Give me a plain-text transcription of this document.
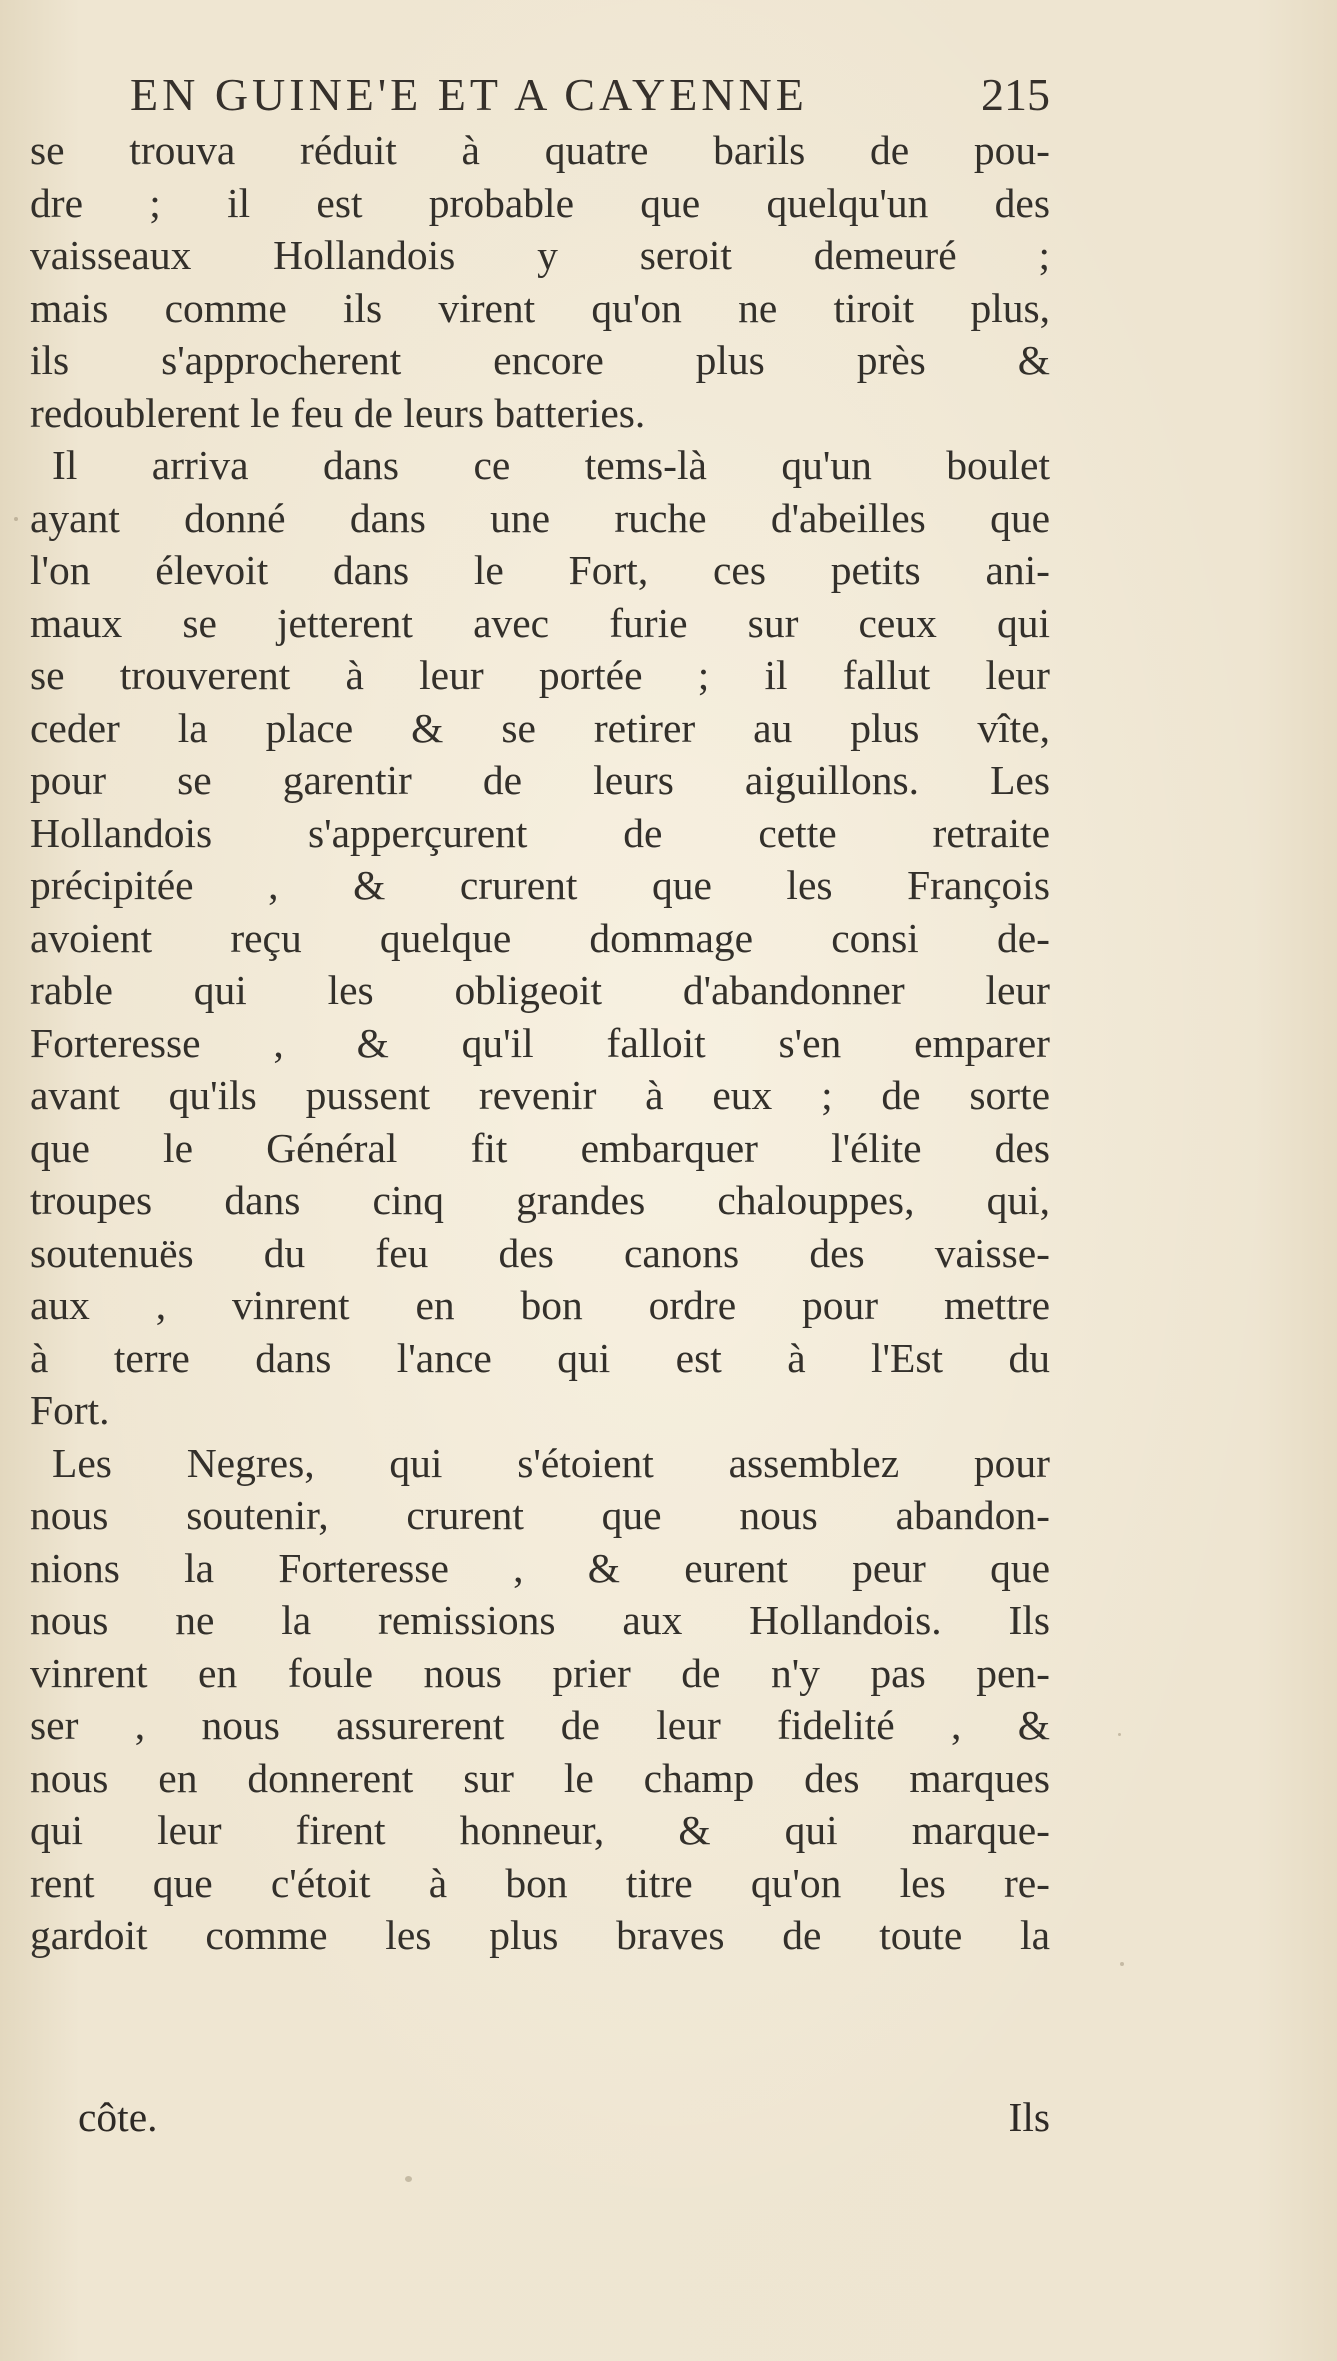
EN GUINE'E ET A CAYENNE	215
se trouva réduit à quatre barils de pou-
dre ; il est probable que quelqu'un des
vaisseaux Hollandois y seroit demeuré ;
mais comme ils virent qu'on ne tiroit plus,
ils s'approcherent encore plus près &
redoublerent le feu de leurs batteries.
Il arriva dans ce tems-là qu'un boulet
ayant donné dans une ruche d'abeilles que
l'on élevoit dans le Fort, ces petits ani-
maux se jetterent avec furie sur ceux qui
se trouverent à leur portée ; il fallut leur
ceder la place & se retirer au plus vîte,
pour se garentir de leurs aiguillons. Les
Hollandois s'apperçurent de cette retraite
précipitée , & crurent que les François
avoient reçu quelque dommage consi de-
rable qui les obligeoit d'abandonner leur
Forteresse , & qu'il falloit s'en emparer
avant qu'ils pussent revenir à eux ; de sorte
que le Général fit embarquer l'élite des
troupes dans cinq grandes chalouppes, qui,
soutenuës du feu des canons des vaisse-
aux , vinrent en bon ordre pour mettre
à terre dans l'ance qui est à l'Est du
Fort.
Les Negres, qui s'étoient assemblez pour
nous soutenir, crurent que nous abandon-
nions la Forteresse , & eurent peur que
nous ne la remissions aux Hollandois. Ils
vinrent en foule nous prier de n'y pas pen-
ser , nous assurerent de leur fidelité , &
nous en donnerent sur le champ des marques
qui leur firent honneur, & qui marque-
rent que c'étoit à bon titre qu'on les re-
gardoit comme les plus braves de toute la
côte.	Ils
